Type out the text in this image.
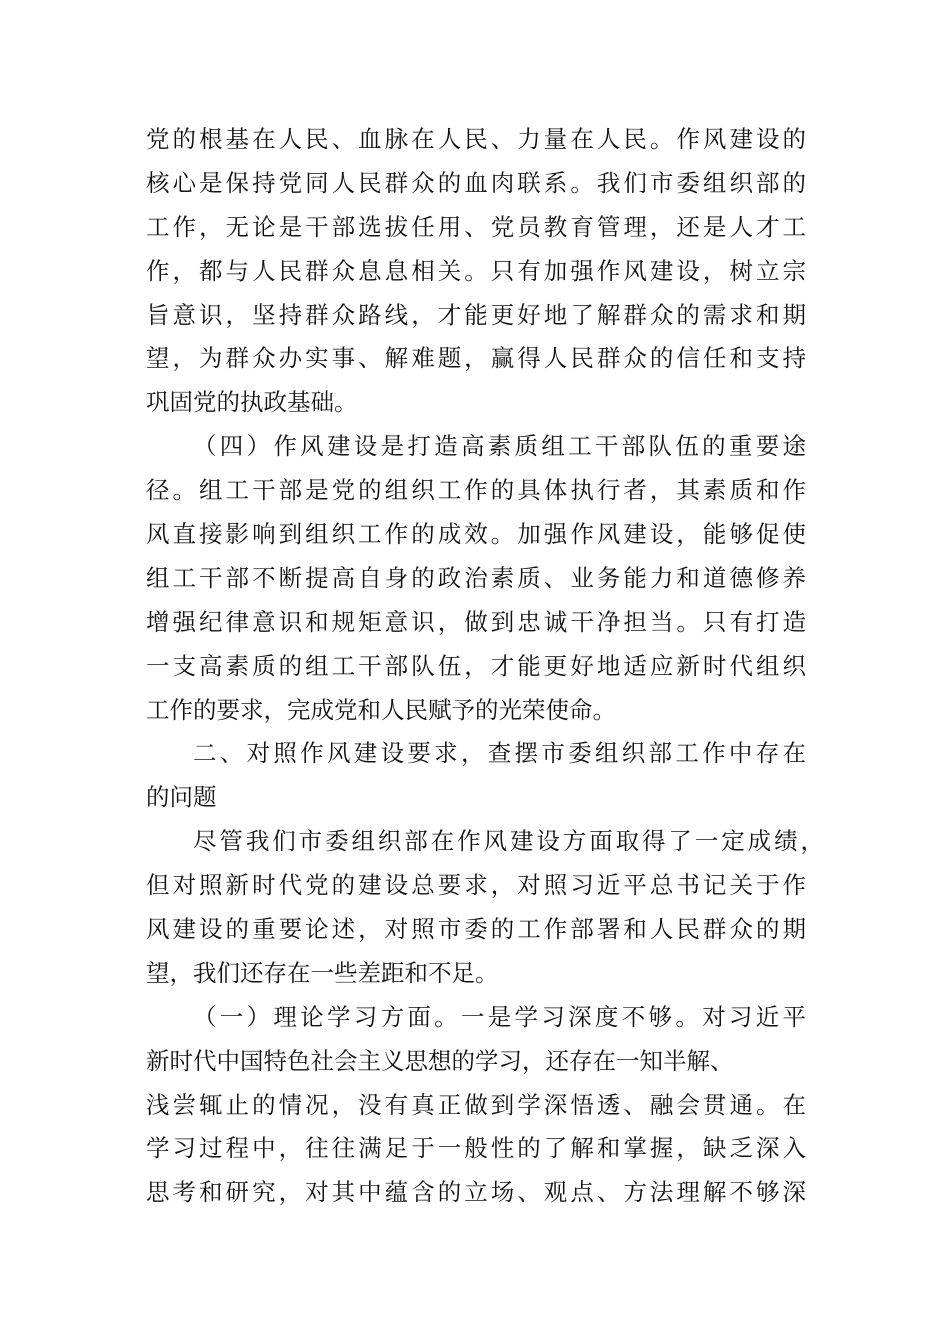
党的根基在人民、血脉在人民、力量在人民。作风建设的
核心是保持党同人民群众的血肉联系。我们市委组织部的
工作，无论是干部选拔任用、党员教育管理，还是人才工
作，都与人民群众息息相关。只有加强作风建设，树立宗
旨意识，坚持群众路线，才能更好地了解群众的需求和期
望，为群众办实事、解难题，赢得人民群众的信任和支持
巩固党的执政基础。
（四）作风建设是打造高素质组工干部队伍的重要途
径。组工干部是党的组织工作的具体执行者，其素质和作
风直接影响到组织工作的成效。加强作风建设，能够促使
组工干部不断提高自身的政治素质、业务能力和道德修养
增强纪律意识和规矩意识，做到忠诚干净担当。只有打造
一支高素质的组工干部队伍，才能更好地适应新时代组织
工作的要求，完成党和人民赋予的光荣使命。
二、对照作风建设要求，查摆市委组织部工作中存在
的问题
尽管我们市委组织部在作风建设方面取得了一定成绩，
但对照新时代党的建设总要求，对照习近平总书记关于作
风建设的重要论述，对照市委的工作部署和人民群众的期
望，我们还存在一些差距和不足。
（一）理论学习方面。一是学习深度不够。对习近平
新时代中国特色社会主义思想的学习，还存在一知半解、
浅尝辄止的情况，没有真正做到学深悟透、融会贯通。在
学习过程中，往往满足于一般性的了解和掌握，缺乏深入
思考和研究，对其中蕴含的立场、观点、方法理解不够深
